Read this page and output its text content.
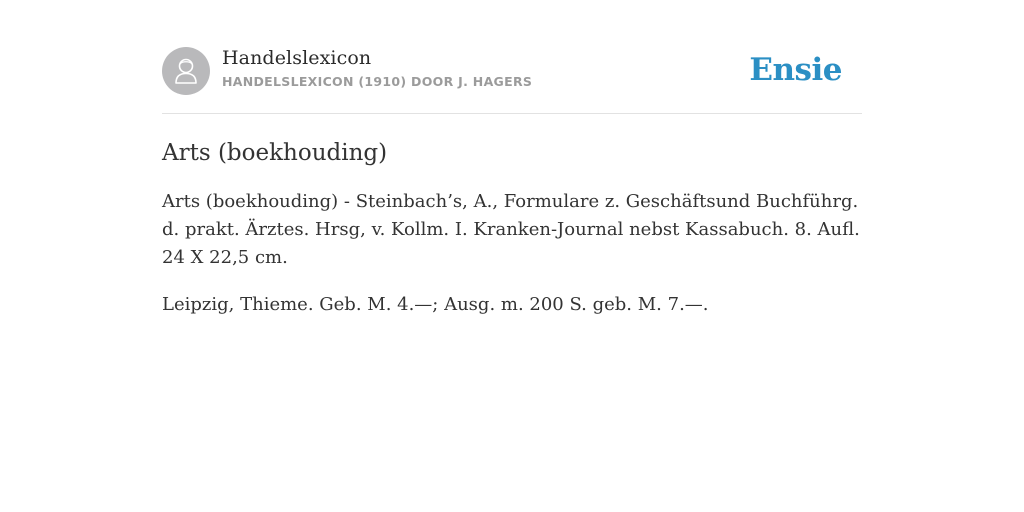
Handelslexicon
HANDELSLEXICON (1910) DOOR J. HAGERS	Ensie
Arts (boekhouding)

Arts (boekhouding) - Steinbach’s, A., Formulare z. Geschäftsund Buchführg. d. prakt. Ärztes. Hrsg, v. Kollm. I. Kranken-Journal nebst Kassabuch. 8. Aufl. 24 X 22,5 cm.

Leipzig, Thieme. Geb. M. 4.—; Ausg. m. 200 S. geb. M. 7.—.
